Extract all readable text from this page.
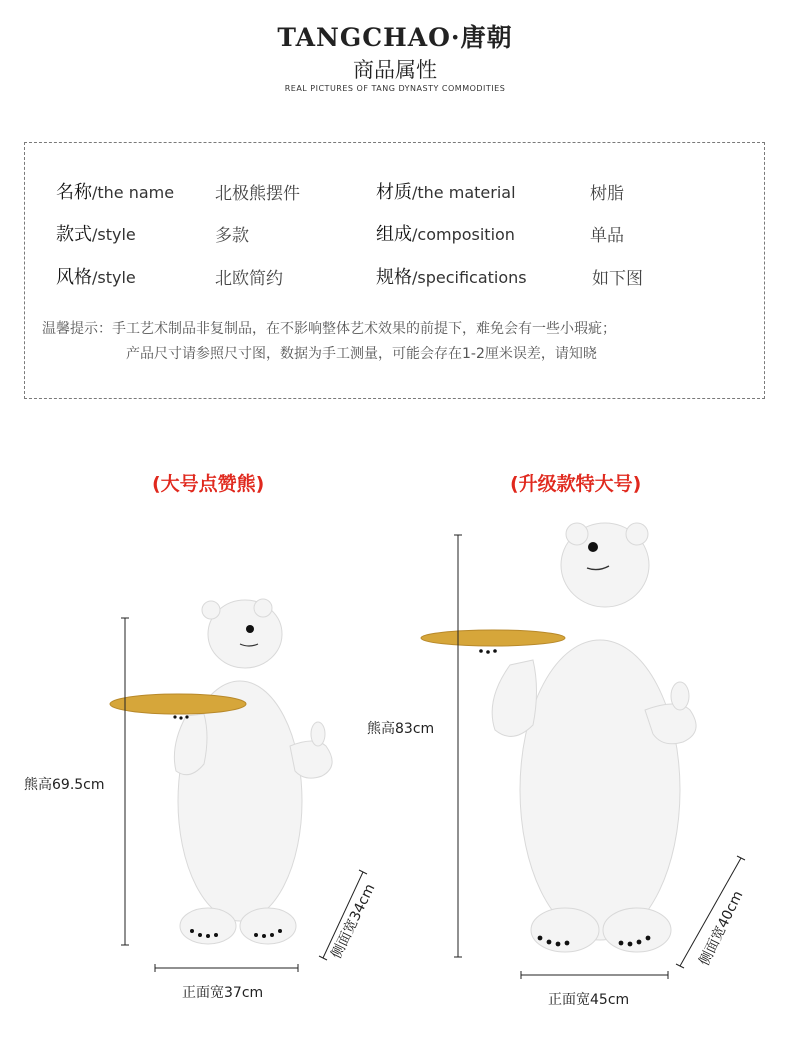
TANGCHAO·唐朝
商品属性
REAL PICTURES OF TANG DYNASTY COMMODITIES
名称/the name 北极熊摆件	材质/the material	树脂
款式/style	多款	组成/composition	单品
风格/style	北欧简约	规格/specifications	如下图
温馨提示：手工艺术制品非复制品，在不影响整体艺术效果的前提下，难免会有一些小瑕疵；
产品尺寸请参照尺寸图，数据为手工测量，可能会存在1-2厘米误差，请知晓
(大号点赞熊)	(升级款特大号)
熊高69.5cm
正面宽37cm
侧面宽34cm
熊高83cm
正面宽45cm
侧面宽40cm
